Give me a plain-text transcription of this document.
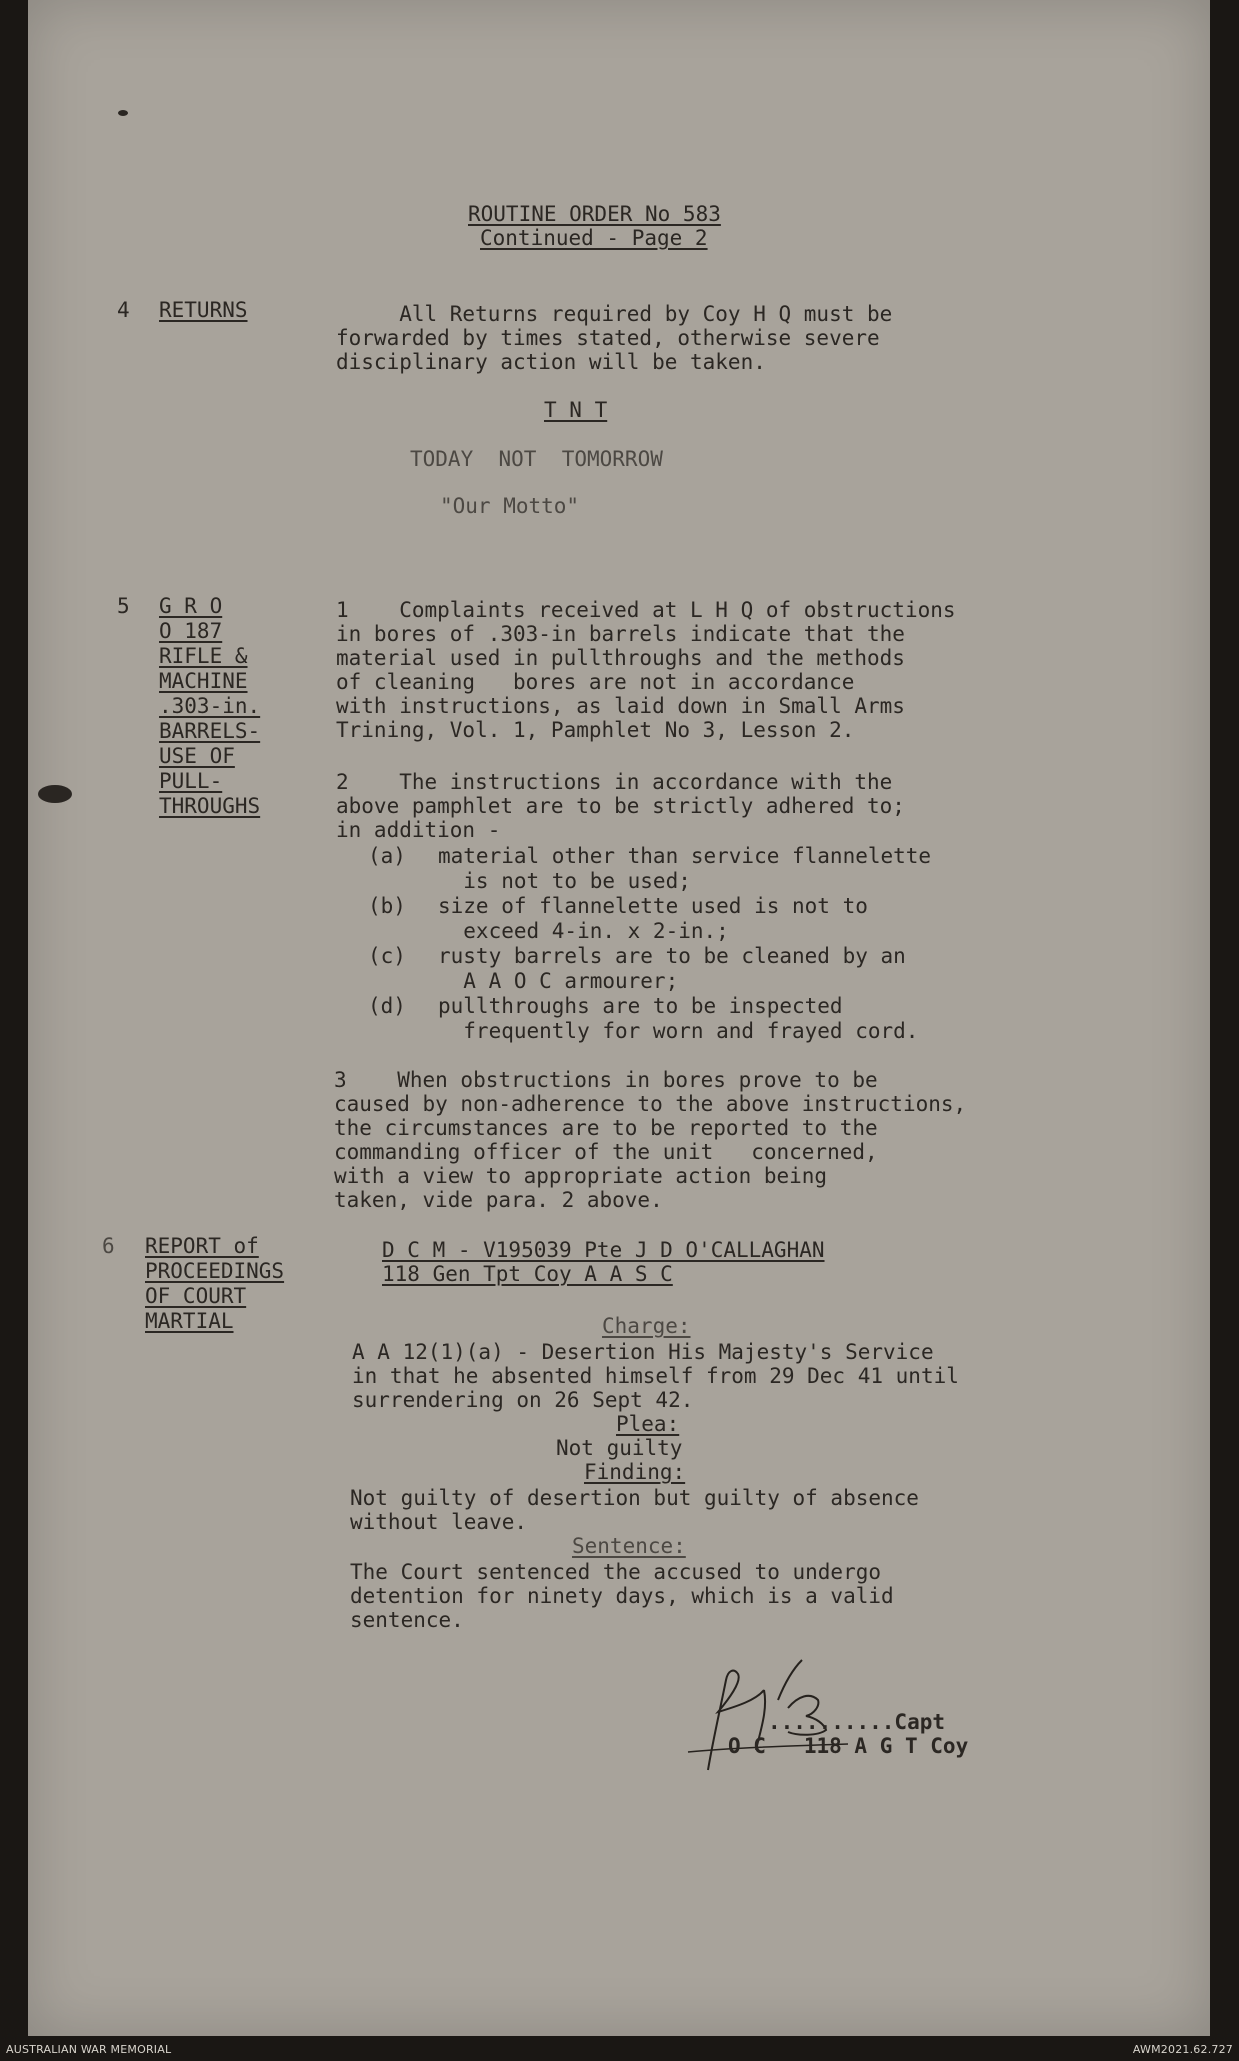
ROUTINE ORDER No 583
Continued - Page 2
4 RETURNS	All Returns required by Coy H Q must be
forwarded by times stated, otherwise severe
disciplinary action will be taken.
T N T
TODAY  NOT  TOMORROW
"Our Motto"
5 G R O
O 187
RIFLE &
MACHINE
.303-in.
BARRELS-
USE OF
PULL-
THROUGHS
1    Complaints received at L H Q of obstructions
in bores of .303-in barrels indicate that the
material used in pullthroughs and the methods
of cleaning   bores are not in accordance
with instructions, as laid down in Small Arms
Trining, Vol. 1, Pamphlet No 3, Lesson 2.
2    The instructions in accordance with the
above pamphlet are to be strictly adhered to;
in addition -
(a) material other than service flannelette
is not to be used;
(b) size of flannelette used is not to
exceed 4-in. x 2-in.;
(c) rusty barrels are to be cleaned by an
A A O C armourer;
(d) pullthroughs are to be inspected
frequently for worn and frayed cord.
3    When obstructions in bores prove to be
caused by non-adherence to the above instructions,
the circumstances are to be reported to the
commanding officer of the unit   concerned,
with a view to appropriate action being
taken, vide para. 2 above.
6 REPORT of
PROCEEDINGS
OF COURT
MARTIAL
D C M - V195039 Pte J D O'CALLAGHAN
118 Gen Tpt Coy A A S C
Charge:
A A 12(1)(a) - Desertion His Majesty's Service
in that he absented himself from 29 Dec 41 until
surrendering on 26 Sept 42.
Plea:
Not guilty
Finding:
Not guilty of desertion but guilty of absence
without leave.
Sentence:
The Court sentenced the accused to undergo
detention for ninety days, which is a valid
sentence.
..........Capt
O C   118 A G T Coy
AUSTRALIAN WAR MEMORIAL	AWM2021.62.727
